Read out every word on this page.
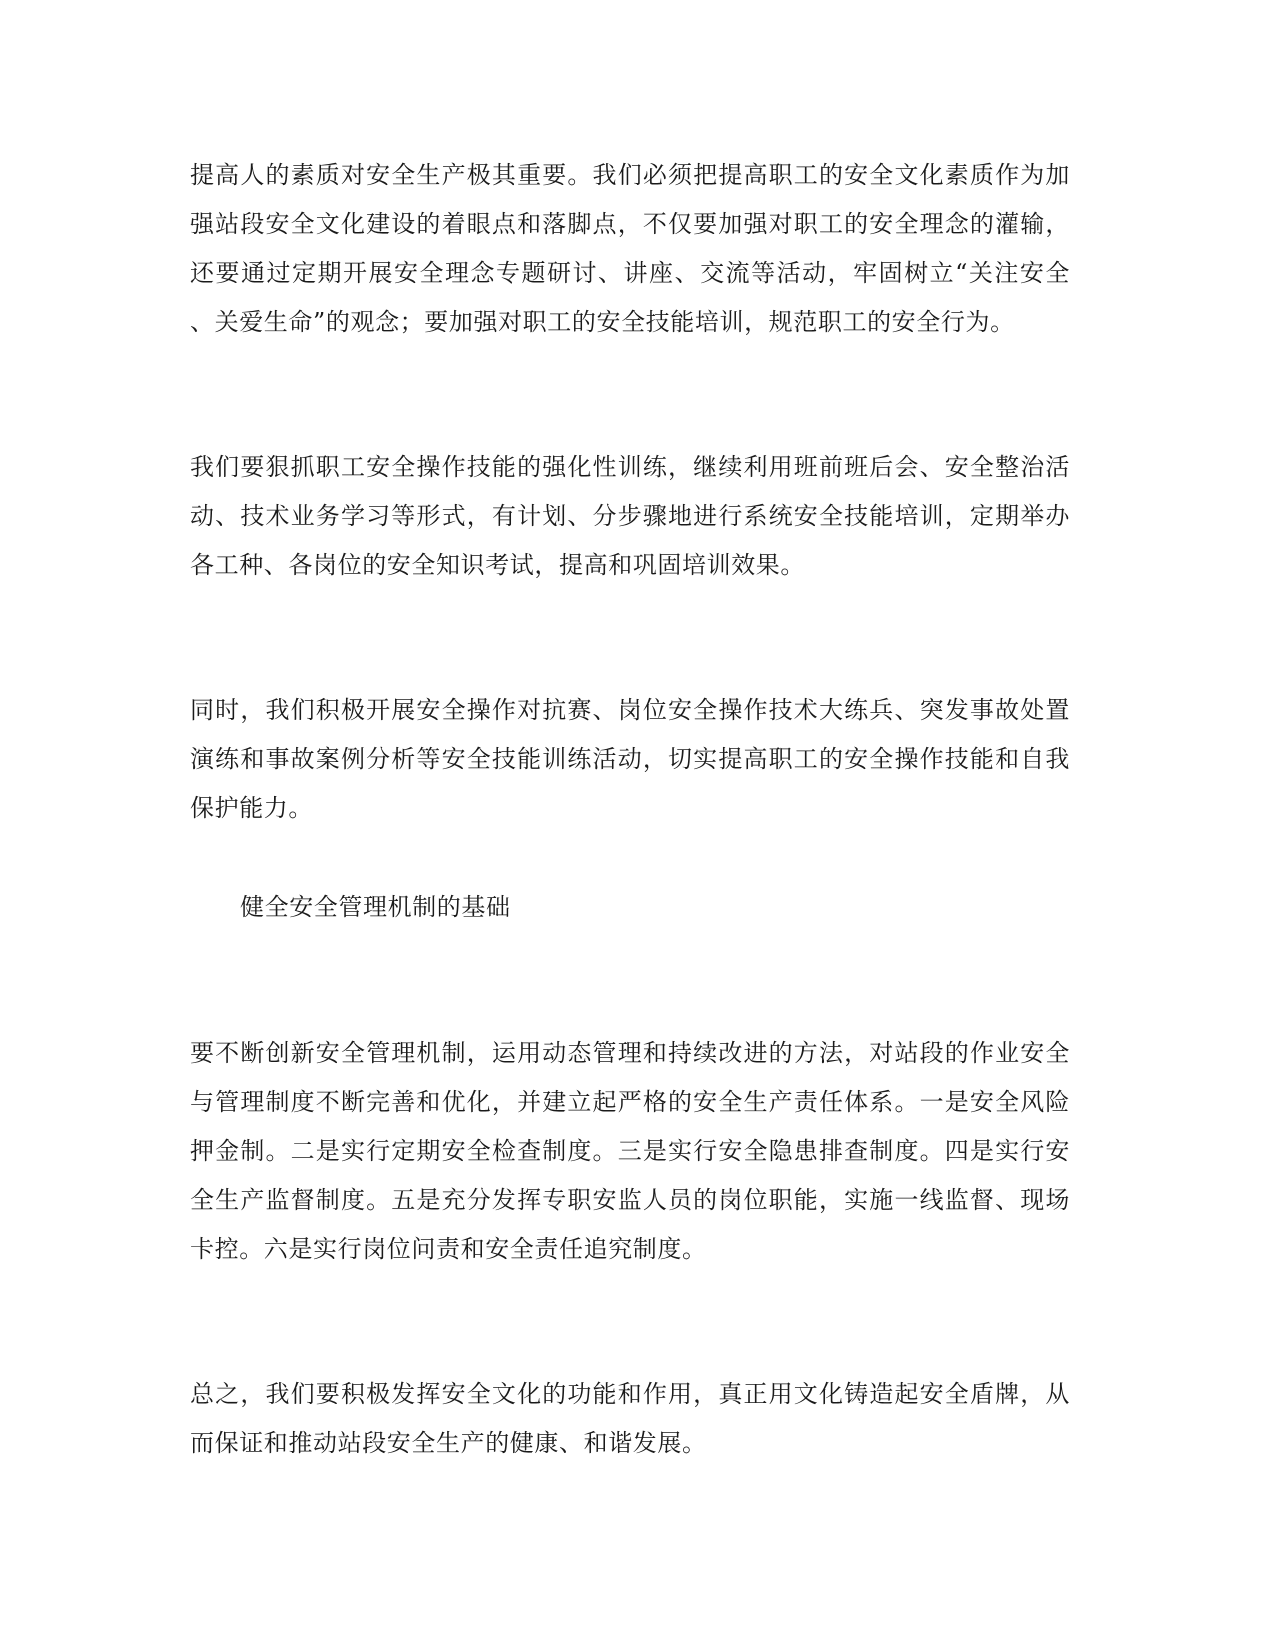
提高人的素质对安全生产极其重要。我们必须把提高职工的安全文化素质作为加
强站段安全文化建设的着眼点和落脚点，不仅要加强对职工的安全理念的灌输，
还要通过定期开展安全理念专题研讨、讲座、交流等活动，牢固树立“关注安全
、关爱生命”的观念；要加强对职工的安全技能培训，规范职工的安全行为。

我们要狠抓职工安全操作技能的强化性训练，继续利用班前班后会、安全整治活
动、技术业务学习等形式，有计划、分步骤地进行系统安全技能培训，定期举办
各工种、各岗位的安全知识考试，提高和巩固培训效果。

同时，我们积极开展安全操作对抗赛、岗位安全操作技术大练兵、突发事故处置
演练和事故案例分析等安全技能训练活动，切实提高职工的安全操作技能和自我
保护能力。

健全安全管理机制的基础

要不断创新安全管理机制，运用动态管理和持续改进的方法，对站段的作业安全
与管理制度不断完善和优化，并建立起严格的安全生产责任体系。一是安全风险
押金制。二是实行定期安全检查制度。三是实行安全隐患排查制度。四是实行安
全生产监督制度。五是充分发挥专职安监人员的岗位职能，实施一线监督、现场
卡控。六是实行岗位问责和安全责任追究制度。

总之，我们要积极发挥安全文化的功能和作用，真正用文化铸造起安全盾牌，从
而保证和推动站段安全生产的健康、和谐发展。
